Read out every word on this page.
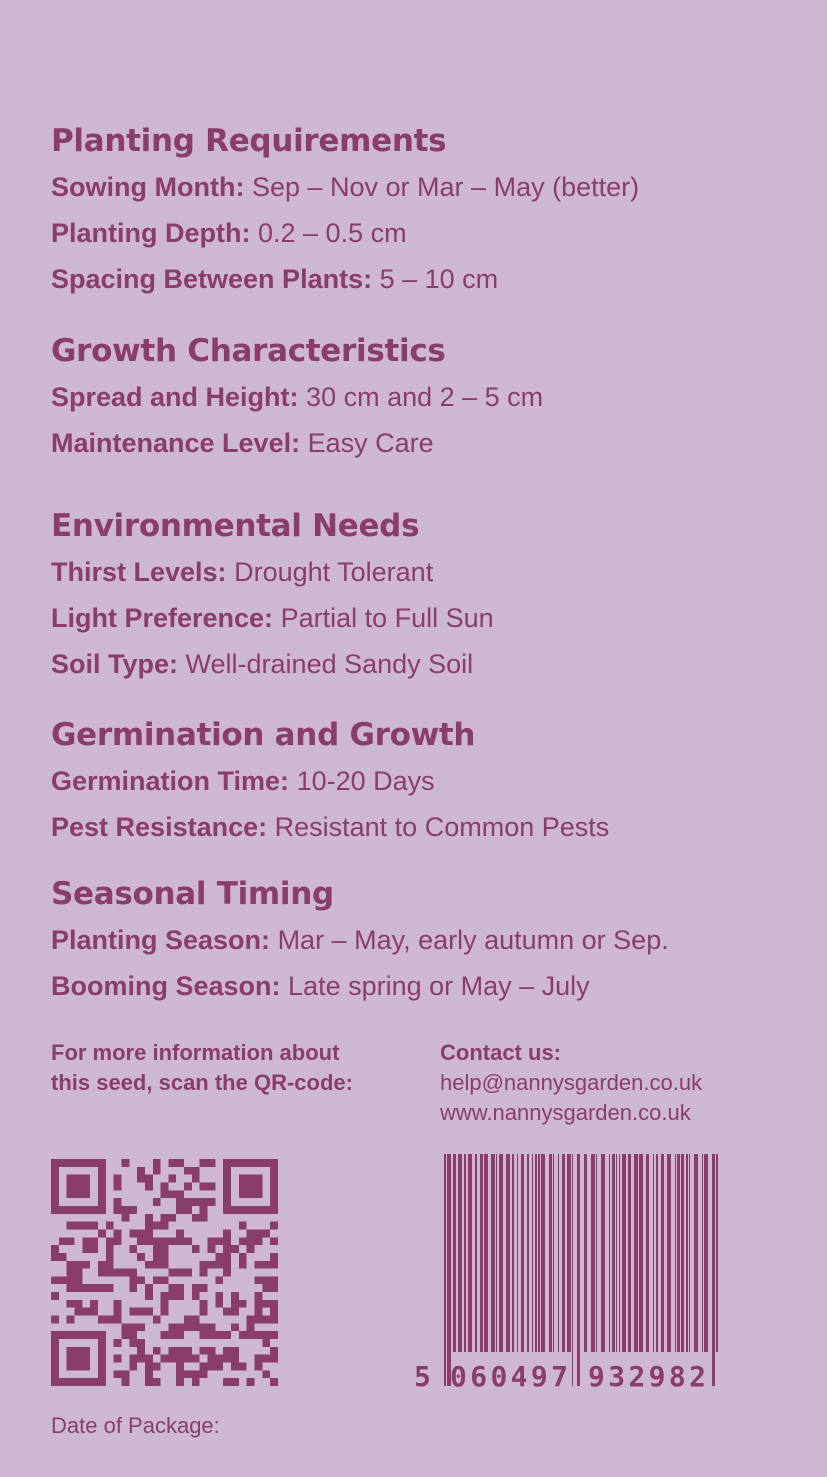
Planting Requirements
Sowing Month: Sep – Nov or Mar – May (better)
Planting Depth: 0.2 – 0.5 cm
Spacing Between Plants: 5 – 10 cm
Growth Characteristics
Spread and Height: 30 cm and 2 – 5 cm
Maintenance Level: Easy Care
Environmental Needs
Thirst Levels: Drought Tolerant
Light Preference: Partial to Full Sun
Soil Type: Well-drained Sandy Soil
Germination and Growth
Germination Time: 10-20 Days
Pest Resistance: Resistant to Common Pests
Seasonal Timing
Planting Season: Mar – May, early autumn or Sep.
Booming Season: Late spring or May – July
For more information about this seed, scan the QR-code:
Contact us:
help@nannysgarden.co.uk
www.nannysgarden.co.uk
5 060497 932982
Date of Package:
